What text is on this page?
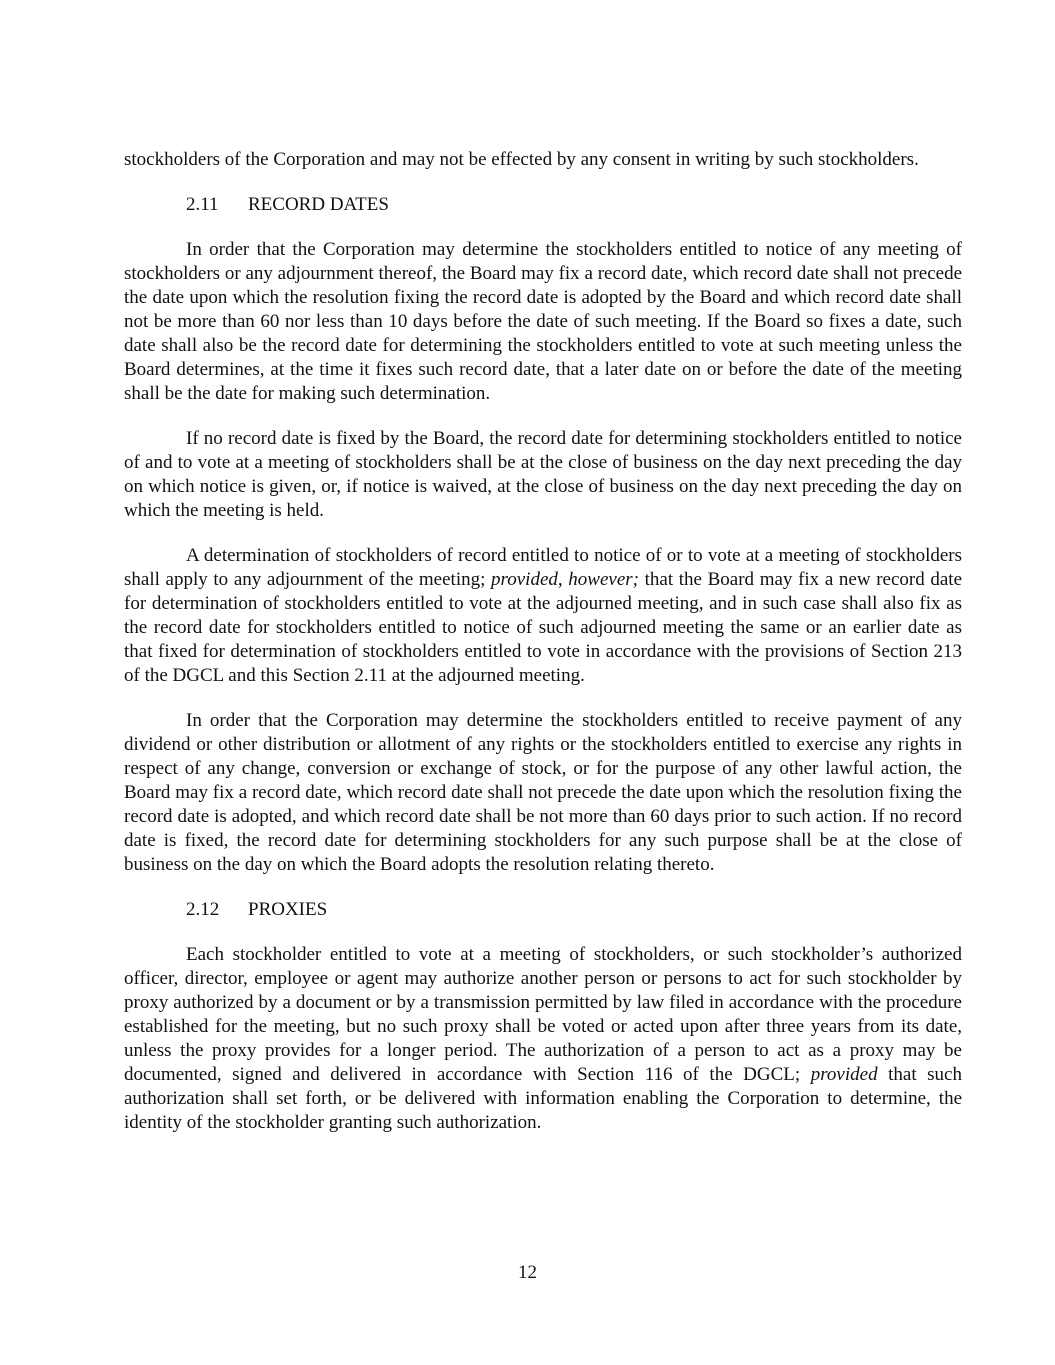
stockholders of the Corporation and may not be effected by any consent in writing by such stockholders.

2.11 RECORD DATES

In order that the Corporation may determine the stockholders entitled to notice of any meeting of stockholders or any adjournment thereof, the Board may fix a record date, which record date shall not precede the date upon which the resolution fixing the record date is adopted by the Board and which record date shall not be more than 60 nor less than 10 days before the date of such meeting. If the Board so fixes a date, such date shall also be the record date for determining the stockholders entitled to vote at such meeting unless the Board determines, at the time it fixes such record date, that a later date on or before the date of the meeting shall be the date for making such determination.

If no record date is fixed by the Board, the record date for determining stockholders entitled to notice of and to vote at a meeting of stockholders shall be at the close of business on the day next preceding the day on which notice is given, or, if notice is waived, at the close of business on the day next preceding the day on which the meeting is held.

A determination of stockholders of record entitled to notice of or to vote at a meeting of stockholders shall apply to any adjournment of the meeting; provided, however; that the Board may fix a new record date for determination of stockholders entitled to vote at the adjourned meeting, and in such case shall also fix as the record date for stockholders entitled to notice of such adjourned meeting the same or an earlier date as that fixed for determination of stockholders entitled to vote in accordance with the provisions of Section 213 of the DGCL and this Section 2.11 at the adjourned meeting.

In order that the Corporation may determine the stockholders entitled to receive payment of any dividend or other distribution or allotment of any rights or the stockholders entitled to exercise any rights in respect of any change, conversion or exchange of stock, or for the purpose of any other lawful action, the Board may fix a record date, which record date shall not precede the date upon which the resolution fixing the record date is adopted, and which record date shall be not more than 60 days prior to such action. If no record date is fixed, the record date for determining stockholders for any such purpose shall be at the close of business on the day on which the Board adopts the resolution relating thereto.

2.12 PROXIES

Each stockholder entitled to vote at a meeting of stockholders, or such stockholder’s authorized officer, director, employee or agent may authorize another person or persons to act for such stockholder by proxy authorized by a document or by a transmission permitted by law filed in accordance with the procedure established for the meeting, but no such proxy shall be voted or acted upon after three years from its date, unless the proxy provides for a longer period. The authorization of a person to act as a proxy may be documented, signed and delivered in accordance with Section 116 of the DGCL; provided that such authorization shall set forth, or be delivered with information enabling the Corporation to determine, the identity of the stockholder granting such authorization.

12
